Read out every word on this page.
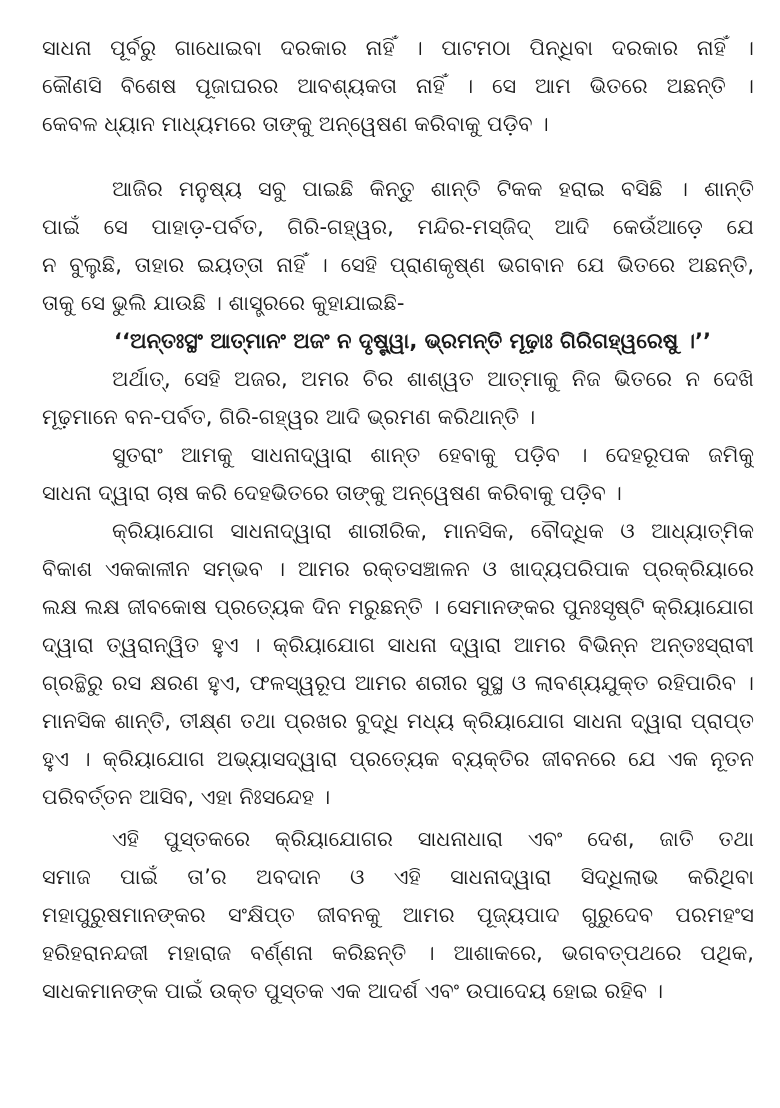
ସାଧନା ପୂର୍ବରୁ ଗାଧୋଇବା ଦରକାର ନାହିଁ । ପାଟମଠା ପିନ୍ଧିବା ଦରକାର ନାହିଁ ।
କୌଣସି ବିଶେଷ ପୂଜାଘରର ଆବଶ୍ୟକତା ନାହିଁ । ସେ ଆମ ଭିତରେ ଅଛନ୍ତି ।
କେବଳ ଧ୍ୟାନ ମାଧ୍ୟମରେ ତାଙ୍କୁ ଅନ୍ୱେଷଣ କରିବାକୁ ପଡ଼ିବ ।
ଆଜିର ମନୁଷ୍ୟ ସବୁ ପାଇଛି କିନ୍ତୁ ଶାନ୍ତି ଟିକକ ହରାଇ ବସିଛି । ଶାନ୍ତି
ପାଇଁ ସେ ପାହାଡ଼-ପର୍ବତ, ଗିରି-ଗହ୍ୱର, ମନ୍ଦିର-ମସ୍‌ଜିଦ୍ ଆଦି କେଉଁଆଡ଼େ ଯେ
ନ ବୁଲୁଛି, ତାହାର ଇୟତ୍ତା ନାହିଁ । ସେହି ପ୍ରାଣକୃଷ୍ଣ ଭଗବାନ ଯେ ଭିତରେ ଅଛନ୍ତି,
ତାକୁ ସେ ଭୁଲି ଯାଉଛି । ଶାସ୍ତ୍ରରେ କୁହାଯାଇଛି-
‘‘ଅନ୍ତଃସ୍ଥଂ ଆତ୍ମାନଂ ଅଜଂ ନ ଦୃଷ୍ଟ୍ୱା, ଭ୍ରମନ୍ତି ମୂଢ଼ାଃ ଗିରିଗହ୍ୱରେଷୁ ।’’
ଅର୍ଥାତ୍, ସେହି ଅଜର, ଅମର ଚିର ଶାଶ୍ୱତ ଆତ୍ମାକୁ ନିଜ ଭିତରେ ନ ଦେଖି
ମୂଢ଼ମାନେ ବନ-ପର୍ବତ, ଗିରି-ଗହ୍ୱର ଆଦି ଭ୍ରମଣ କରିଥାନ୍ତି ।
ସୁତରାଂ ଆମକୁ ସାଧନାଦ୍ୱାରା ଶାନ୍ତ ହେବାକୁ ପଡ଼ିବ । ଦେହରୂପକ ଜମିକୁ
ସାଧନା ଦ୍ୱାରା ଚାଷ କରି ଦେହଭିତରେ ତାଙ୍କୁ ଅନ୍ୱେଷଣ କରିବାକୁ ପଡ଼ିବ ।
କ୍ରିୟାଯୋଗ ସାଧନାଦ୍ୱାରା ଶାରୀରିକ, ମାନସିକ, ବୌଦ୍ଧିକ ଓ ଆଧ୍ୟାତ୍ମିକ
ବିକାଶ ଏକକାଳୀନ ସମ୍ଭବ । ଆମର ରକ୍ତସଞ୍ଚାଳନ ଓ ଖାଦ୍ୟପରିପାକ ପ୍ରକ୍ରିୟାରେ
ଲକ୍ଷ ଲକ୍ଷ ଜୀବକୋଷ ପ୍ରତ୍ୟେକ ଦିନ ମରୁଛନ୍ତି । ସେମାନଙ୍କର ପୁନଃସୃଷ୍ଟି କ୍ରିୟାଯୋଗ
ଦ୍ୱାରା ତ୍ୱରାନ୍ୱିତ ହୁଏ । କ୍ରିୟାଯୋଗ ସାଧନା ଦ୍ୱାରା ଆମର ବିଭିନ୍ନ ଅନ୍ତଃସ୍ରାବୀ
ଗ୍ରନ୍ଥିରୁ ରସ କ୍ଷରଣ ହୁଏ, ଫଳସ୍ୱରୂପ ଆମର ଶରୀର ସୁସ୍ଥ ଓ ଲାବଣ୍ୟଯୁକ୍ତ ରହିପାରିବ ।
ମାନସିକ ଶାନ୍ତି, ତୀକ୍ଷ୍ଣ ତଥା ପ୍ରଖର ବୁଦ୍ଧି ମଧ୍ୟ କ୍ରିୟାଯୋଗ ସାଧନା ଦ୍ୱାରା ପ୍ରାପ୍ତ
ହୁଏ । କ୍ରିୟାଯୋଗ ଅଭ୍ୟାସଦ୍ୱାରା ପ୍ରତ୍ୟେକ ବ୍ୟକ୍ତିର ଜୀବନରେ ଯେ ଏକ ନୂତନ
ପରିବର୍ତ୍ତନ ଆସିବ, ଏହା ନିଃସନ୍ଦେହ ।
ଏହି ପୁସ୍ତକରେ କ୍ରିୟାଯୋଗର ସାଧନାଧାରା ଏବଂ ଦେଶ, ଜାତି ତଥା
ସମାଜ ପାଇଁ ତା’ର ଅବଦାନ ଓ ଏହି ସାଧନାଦ୍ୱାରା ସିଦ୍ଧିଲାଭ କରିଥିବା
ମହାପୁରୁଷମାନଙ୍କର ସଂକ୍ଷିପ୍ତ ଜୀବନକୁ ଆମର ପୂଜ୍ୟପାଦ ଗୁରୁଦେବ ପରମହଂସ
ହରିହରାନନ୍ଦଜୀ ମହାରାଜ ବର୍ଣ୍ଣନା କରିଛନ୍ତି । ଆଶାକରେ, ଭଗବତ୍‌ପଥରେ ପଥିକ,
ସାଧକମାନଙ୍କ ପାଇଁ ଉକ୍ତ ପୁସ୍ତକ ଏକ ଆଦର୍ଶ ଏବଂ ଉପାଦେୟ ହୋଇ ରହିବ ।
